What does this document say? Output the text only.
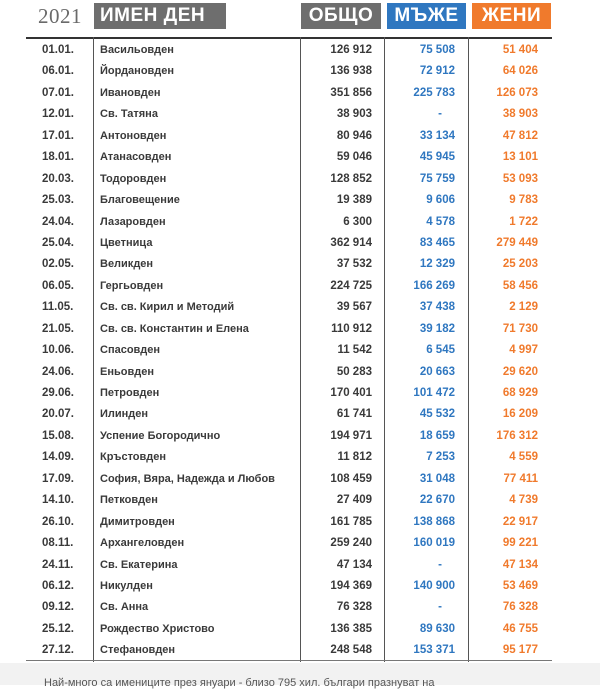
2021 ИМЕН ДЕН	ОБЩО	МЪЖЕ	ЖЕНИ
01.01. Васильовден	126 912	75 508	51 404
06.01. Йордановден	136 938	72 912	64 026
07.01. Ивановден	351 856	225 783	126 073
12.01. Св. Татяна	38 903	-	38 903
17.01. Антоновден	80 946	33 134	47 812
18.01. Атанасовден	59 046	45 945	13 101
20.03. Тодоровден	128 852	75 759	53 093
25.03. Благовещение	19 389	9 606	9 783
24.04. Лазаровден	6 300	4 578	1 722
25.04. Цветница	362 914	83 465	279 449
02.05. Великден	37 532	12 329	25 203
06.05. Гергьовден	224 725	166 269	58 456
11.05. Св. св. Кирил и Методий	39 567	37 438	2 129
21.05. Св. св. Константин и Елена	110 912	39 182	71 730
10.06. Спасовден	11 542	6 545	4 997
24.06. Еньовден	50 283	20 663	29 620
29.06. Петровден	170 401	101 472	68 929
20.07. Илинден	61 741	45 532	16 209
15.08. Успение Богородично	194 971	18 659	176 312
14.09. Кръстовден	11 812	7 253	4 559
17.09. София, Вяра, Надежда и Любов	108 459	31 048	77 411
14.10. Петковден	27 409	22 670	4 739
26.10. Димитровден	161 785	138 868	22 917
08.11. Архангеловден	259 240	160 019	99 221
24.11. Св. Екатерина	47 134	-	47 134
06.12. Никулден	194 369	140 900	53 469
09.12. Св. Анна	76 328	-	76 328
25.12. Рождество Христово	136 385	89 630	46 755
27.12. Стефановден	248 548	153 371	95 177
Най-много са имениците през януари - близо 795 хил. българи празнуват на
